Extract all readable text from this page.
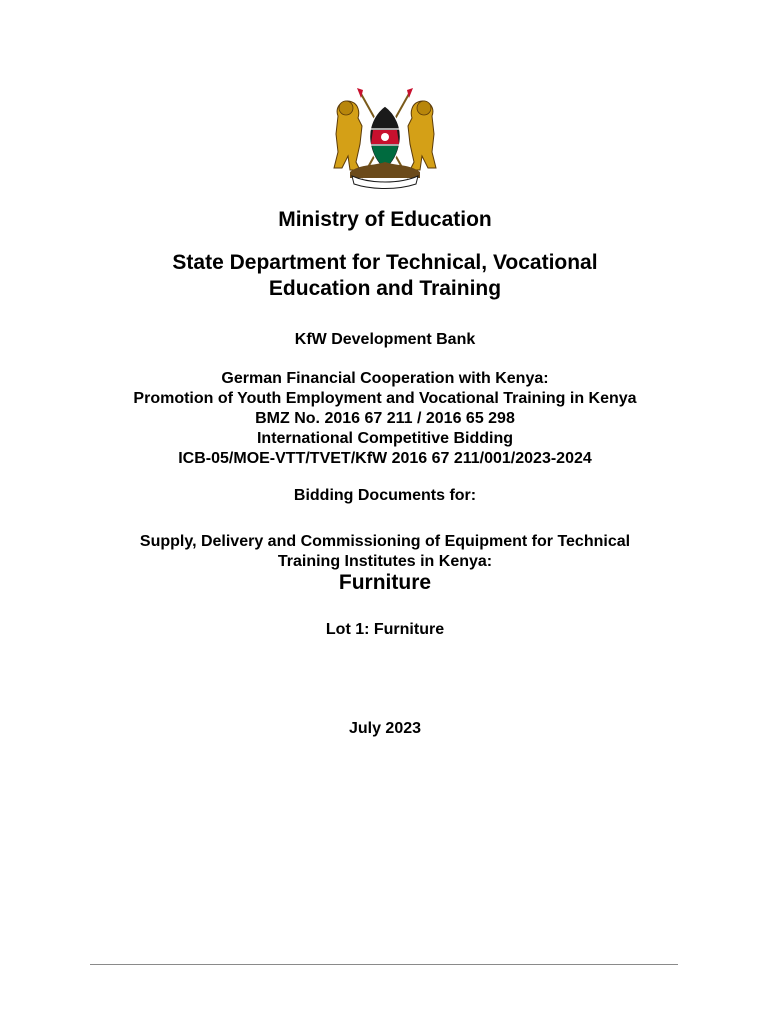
Ministry of Education
State Department for Technical, Vocational
Education and Training
KfW Development Bank
German Financial Cooperation with Kenya:
Promotion of Youth Employment and Vocational Training in Kenya
BMZ No. 2016 67 211 / 2016 65 298
International Competitive Bidding
ICB-05/MOE-VTT/TVET/KfW 2016 67 211/001/2023-2024
Bidding Documents for:
Supply, Delivery and Commissioning of Equipment for Technical
Training Institutes in Kenya:
Furniture
Lot 1: Furniture
July 2023
